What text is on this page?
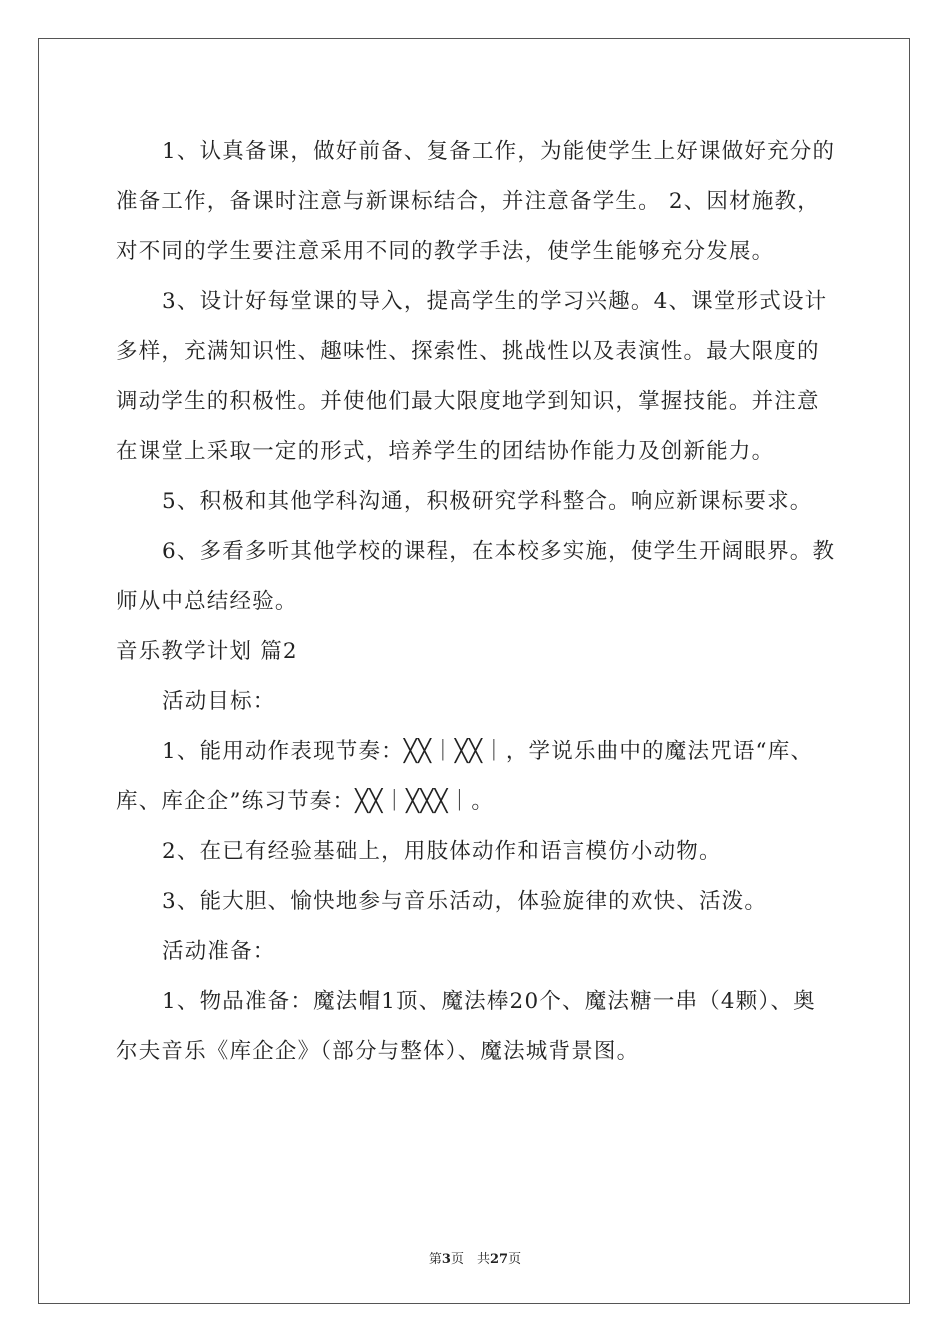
1、认真备课，做好前备、复备工作，为能使学生上好课做好充分的准备工作，备课时注意与新课标结合，并注意备学生。 2、因材施教，对不同的学生要注意采用不同的教学手法，使学生能够充分发展。

3、设计好每堂课的导入，提高学生的学习兴趣。4、课堂形式设计多样，充满知识性、趣味性、探索性、挑战性以及表演性。最大限度的调动学生的积极性。并使他们最大限度地学到知识，掌握技能。并注意在课堂上采取一定的形式，培养学生的团结协作能力及创新能力。

5、积极和其他学科沟通，积极研究学科整合。响应新课标要求。

6、多看多听其他学校的课程，在本校多实施，使学生开阔眼界。教师从中总结经验。

音乐教学计划 篇2

活动目标：

1、能用动作表现节奏：╳╳｜╳╳｜，学说乐曲中的魔法咒语“库、库、库企企”练习节奏：╳╳｜╳╳╳｜。

2、在已有经验基础上，用肢体动作和语言模仿小动物。

3、能大胆、愉快地参与音乐活动，体验旋律的欢快、活泼。

活动准备：

1、物品准备：魔法帽1顶、魔法棒20个、魔法糖一串（4颗）、奥尔夫音乐《库企企》（部分与整体）、魔法城背景图。

第3页　共27页
